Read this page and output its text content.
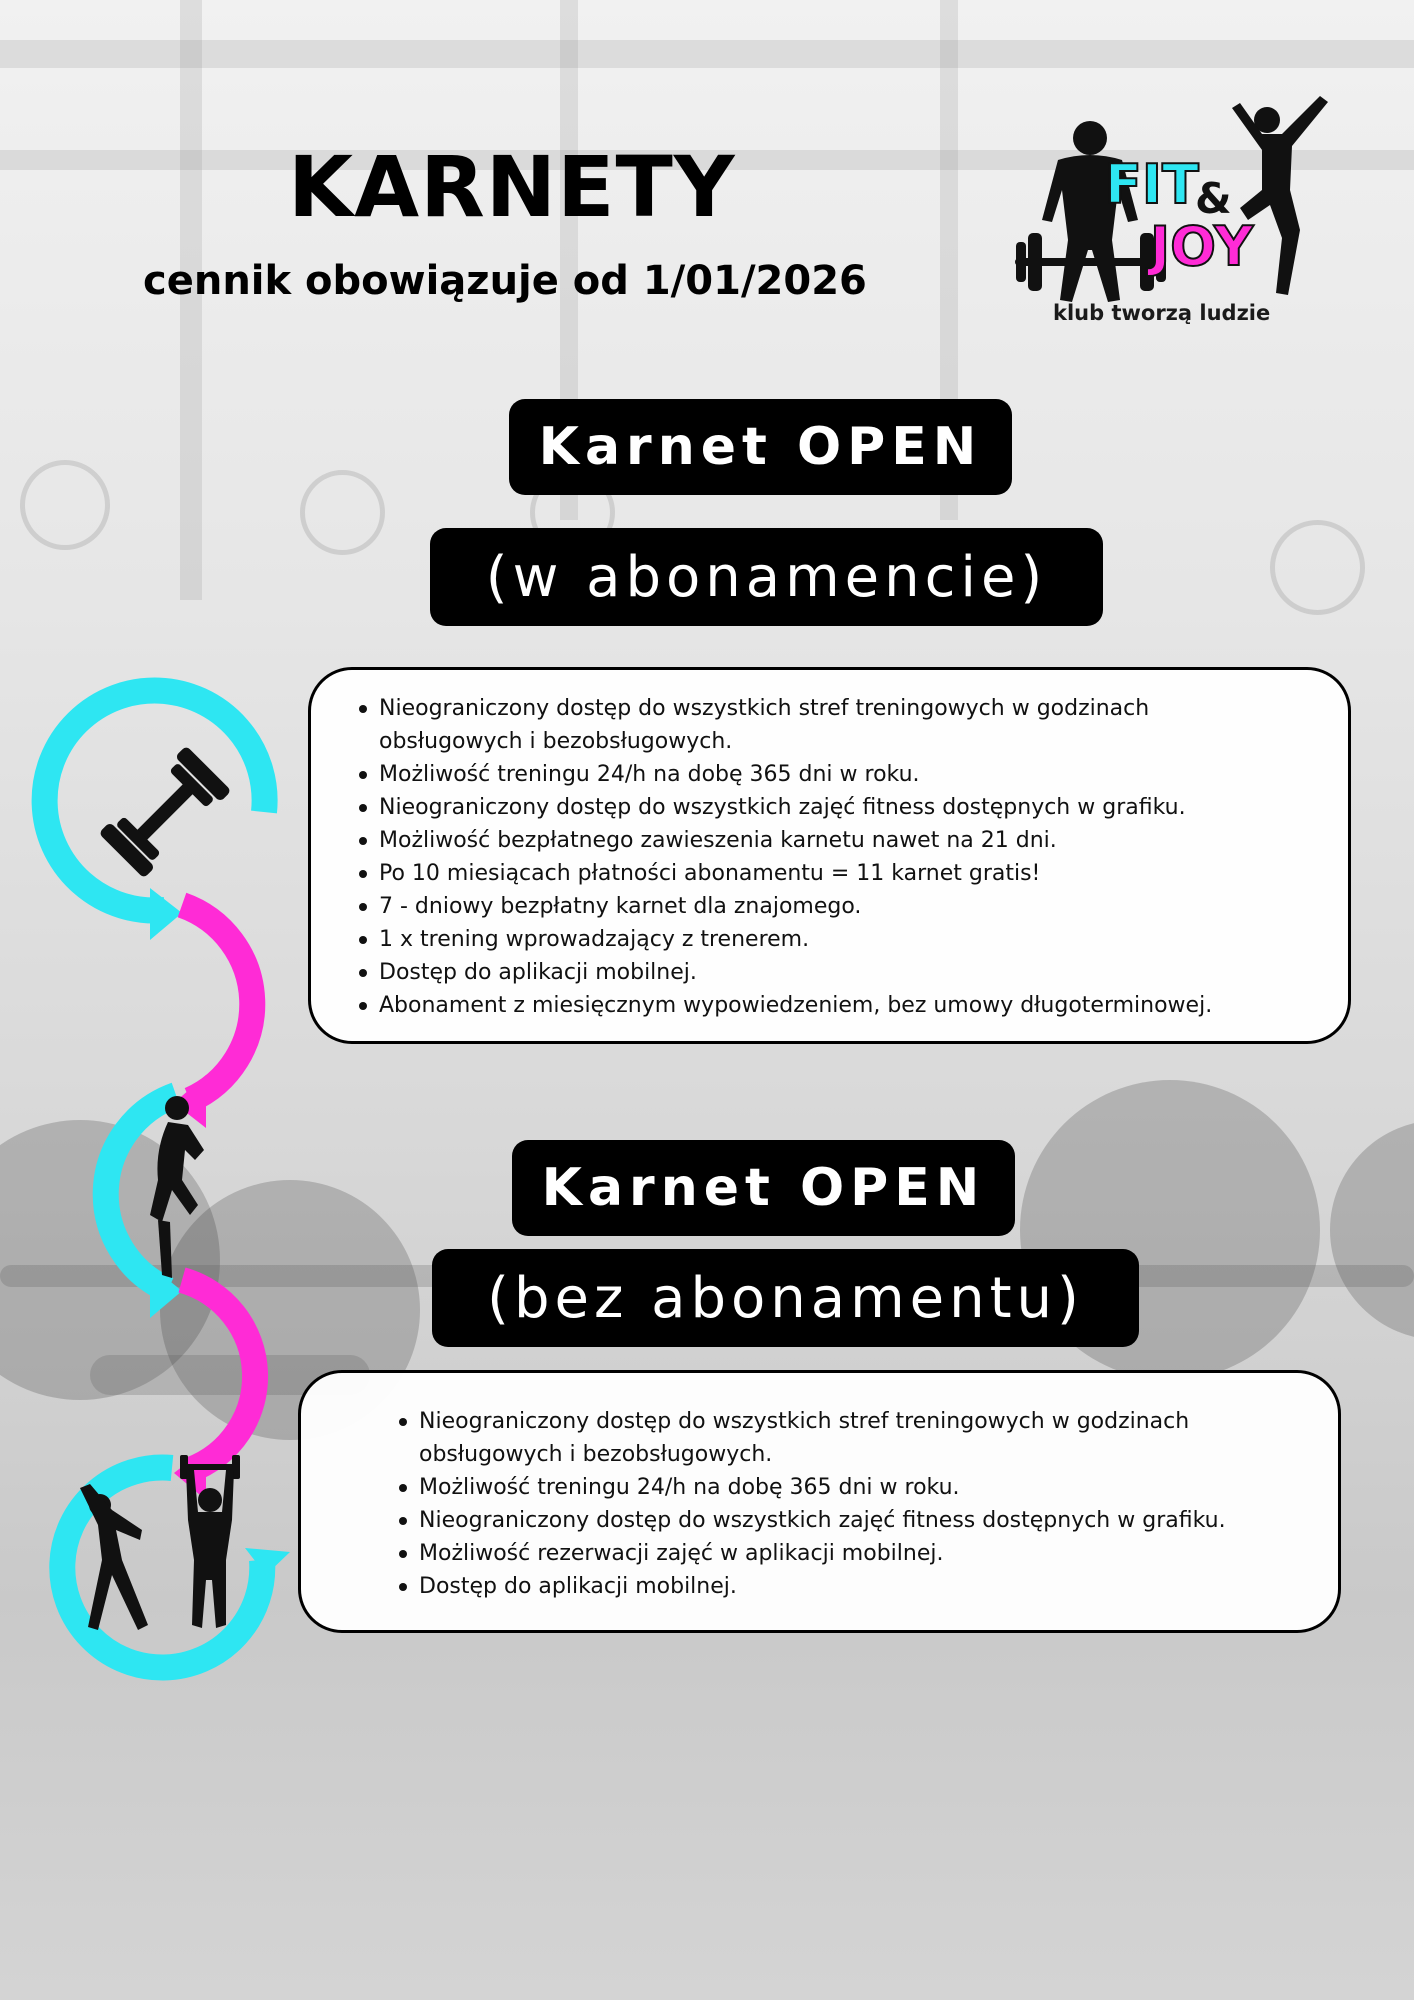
KARNETY

cennik obowiązuje od 1/01/2026

FIT
&
JOY
klub tworzą ludzie
Karnet OPEN
(w abonamencie)
Nieograniczony dostęp do wszystkich stref treningowych w godzinach
obsługowych i bezobsługowych.
Możliwość treningu 24/h na dobę 365 dni w roku.
Nieograniczony dostęp do wszystkich zajęć fitness dostępnych w grafiku.
Możliwość bezpłatnego zawieszenia karnetu nawet na 21 dni.
Po 10 miesiącach płatności abonamentu = 11 karnet gratis!
7 - dniowy bezpłatny karnet dla znajomego.
1 x trening wprowadzający z trenerem.
Dostęp do aplikacji mobilnej.
Abonament z miesięcznym wypowiedzeniem, bez umowy długoterminowej.
Karnet OPEN
(bez abonamentu)
Nieograniczony dostęp do wszystkich stref treningowych w godzinach
obsługowych i bezobsługowych.
Możliwość treningu 24/h na dobę 365 dni w roku.
Nieograniczony dostęp do wszystkich zajęć fitness dostępnych w grafiku.
Możliwość rezerwacji zajęć w aplikacji mobilnej.
Dostęp do aplikacji mobilnej.
